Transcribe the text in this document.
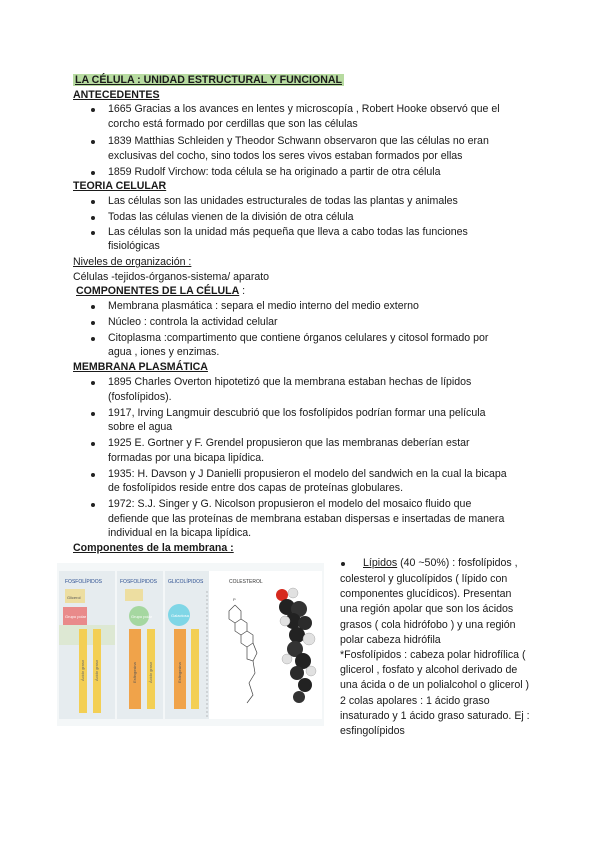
LA CÉLULA : UNIDAD ESTRUCTURAL Y FUNCIONAL
ANTECEDENTES
1665 Gracias a los avances en lentes y microscopía , Robert Hooke observó que el
corcho está formado por cerdillas que son las células
1839 Matthias Schleiden y Theodor Schwann observaron que las células no eran
exclusivas del cocho, sino todos los seres vivos estaban formados por ellas
1859 Rudolf Virchow: toda célula se ha originado a partir de otra célula
TEORIA CELULAR
Las células son las unidades estructurales de todas las plantas y animales
Todas las células vienen de la división de otra célula
Las células son la unidad más pequeña que lleva a cabo todas las funciones
fisiológicas
Niveles de organización :
Células -tejidos-órganos-sistema/ aparato
COMPONENTES DE LA CÉLULA :
Membrana plasmática : separa el medio interno del medio externo
Núcleo : controla la actividad celular
Citoplasma :compartimento que contiene órganos celulares y citosol formado por
agua , iones y enzimas.
MEMBRANA PLASMÁTICA
1895 Charles Overton hipotetizó que la membrana estaban hechas de lípidos
(fosfolípidos).
1917, Irving Langmuir descubrió que los fosfolípidos podrían formar una película
sobre el agua
1925 E. Gortner y F. Grendel propusieron que las membranas deberían estar
formadas por una bicapa lipídica.
1935: H. Davson y J Danielli propusieron el modelo del sandwich en la cual la bicapa
de fosfolípidos reside entre dos capas de proteínas globulares.
1972: S.J. Singer y G. Nicolson propusieron el modelo del mosaico fluido que
defiende que las proteínas de membrana estaban dispersas e insertadas de manera
individual en la bicapa lipídica.
Componentes de la membrana :
Lípidos (40 ~50%) : fosfolípidos ,
colesterol y glucolípidos ( lípido con
componentes glucídicos). Presentan
una región apolar que son los ácidos
grasos ( cola hidrófobo ) y una región
polar cabeza hidrófila
*Fosfolípidos : cabeza polar hidrofílica (
glicerol , fosfato y alcohol derivado de
una ácida o de un polialcohol o glicerol )
2 colas apolares : 1 ácido graso
insaturado y 1 ácido graso saturado. Ej :
esfingolípidos
FOSFOLÍPIDOS	FOSFOLÍPIDOS GLICOLÍPIDOS	COLESTEROL
Glicerol
Grupo polar
Ácido graso Ácido graso
Grupo polar
Esfingosina	Ácido graso
Galactosa
Esfingosina
P
